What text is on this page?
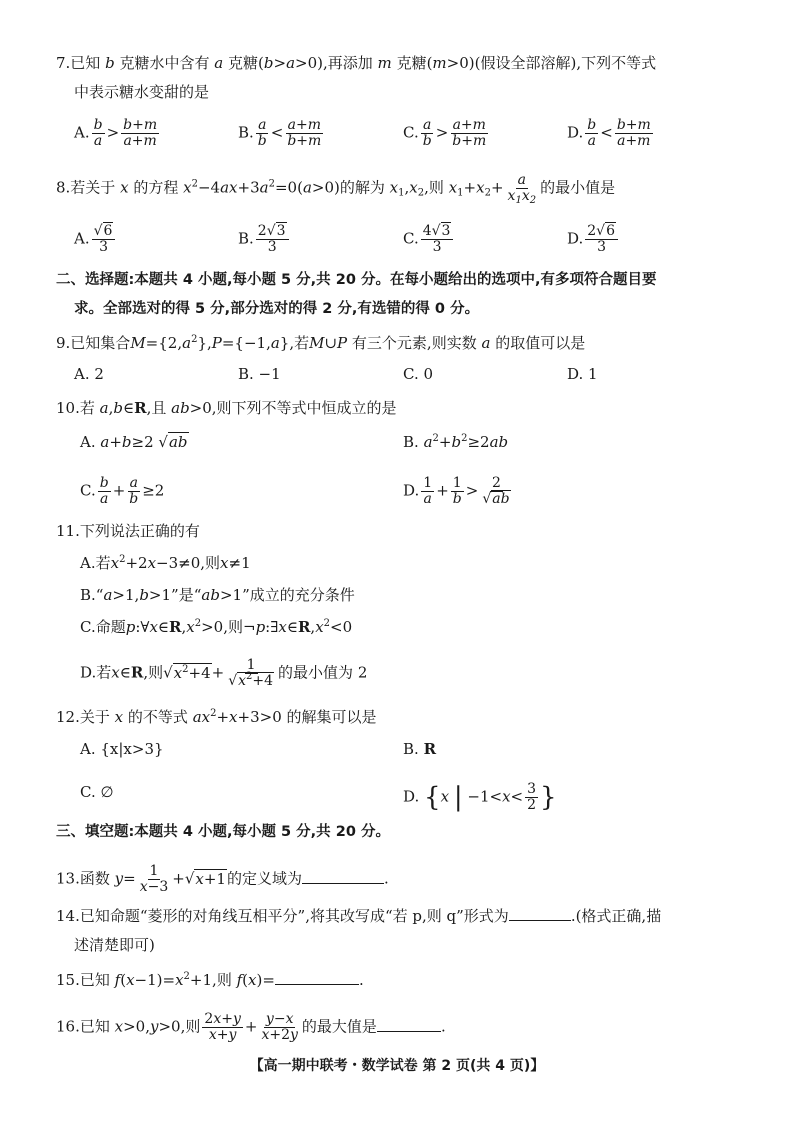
7.已知 b 克糖水中含有 a 克糖(b>a>0),再添加 m 克糖(m>0)(假设全部溶解),下列不等式
中表示糖水变甜的是
A. $\frac{b}{a} > \frac{b+m}{a+m}$	B. $\frac{a}{b} < \frac{a+m}{b+m}$	C. $\frac{a}{b} > \frac{a+m}{b+m}$	D. $\frac{b}{a} < \frac{b+m}{a+m}$
8.若关于 x 的方程 $x^2-4ax+3a^2=0(a>0)$的解为 $x_1,x_2$,则 $x_1+x_2+ \frac{a}{x_1x_2}$ 的最小值是
A. $\frac{√6}{3}$	B. $\frac{2√3}{3}$	C. $\frac{4√3}{3}$	D. $\frac{2√6}{3}$
二、选择题:本题共 4 小题,每小题 5 分,共 20 分。在每小题给出的选项中,有多项符合题目要
求。全部选对的得 5 分,部分选对的得 2 分,有选错的得 0 分。
9.已知集合$M=\{2,a^2\},P=\{-1,a\}$,若M∪P 有三个元素,则实数 a 的取值可以是
A. 2	B. −1	C. 0	D. 1
10.若 a,b∈R,且 ab>0,则下列不等式中恒成立的是
A. a+b≥2 √ab	B. $a^2+b^2\ge 2ab$
C. $\frac{b}{a} + \frac{a}{b} \ge 2$	D. $\frac{1}{a} + \frac{1}{b} > \frac{2}{√ab}$
11.下列说法正确的有
A.若$x^2+2x-3\ne 0$,则x≠1
B.“a>1,b>1”是“ab>1”成立的充分条件
C.命题$p:\forall x\in R,x^2>0$,则$\neg p:\exists x\in R,x^2<0$
D.若x∈R,则$√x^2+4+ \frac{1}{√x^2+4}$ 的最小值为 2
12.关于 x 的不等式 $ax^2+x+3>0$ 的解集可以是
A. {x|x>3}	B. R
C. ∅	D. {x | $-1<x< \frac{3}{2}$ }
三、填空题:本题共 4 小题,每小题 5 分,共 20 分。
13.函数 $y= \frac{1}{x-3} +√x+1$的定义域为	.
14.已知命题“菱形的对角线互相平分”,将其改写成“若 p,则 q”形式为	.(格式正确,描
述清楚即可)
15.已知 $f(x-1)=x^2+1$,则 f(x)=	.
16.已知 x>0,y>0,则 $\frac{2x+y}{x+y} + \frac{y-x}{x+2y}$ 的最大值是	.
【高一期中联考・数学试卷 第 2 页(共 4 页)】
